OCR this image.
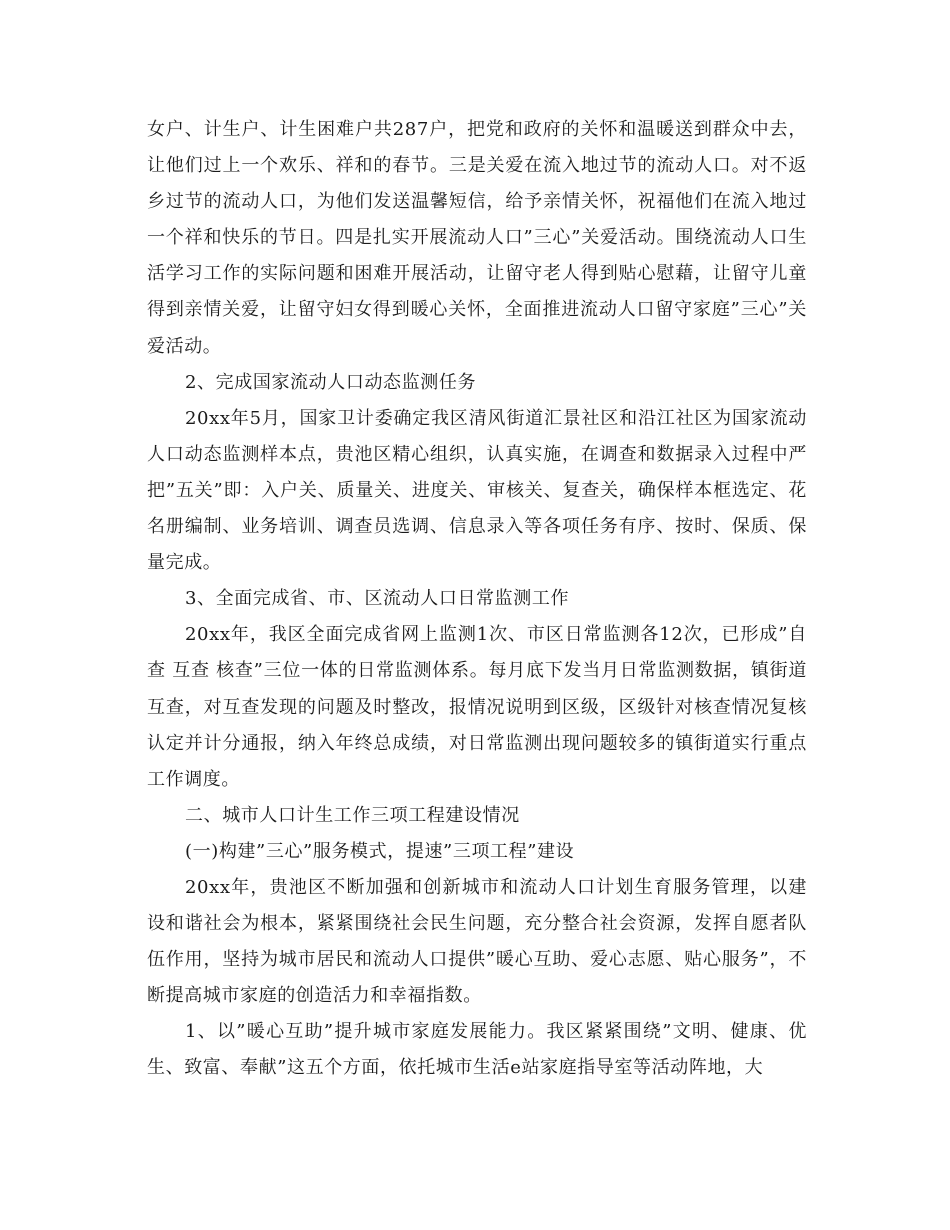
女户、计生户、计生困难户共287户，把党和政府的关怀和温暖送到群众中去，让他们过上一个欢乐、祥和的春节。三是关爱在流入地过节的流动人口。对不返乡过节的流动人口，为他们发送温馨短信，给予亲情关怀，祝福他们在流入地过一个祥和快乐的节日。四是扎实开展流动人口”三心”关爱活动。围绕流动人口生活学习工作的实际问题和困难开展活动，让留守老人得到贴心慰藉，让留守儿童得到亲情关爱，让留守妇女得到暖心关怀，全面推进流动人口留守家庭”三心”关爱活动。

2、完成国家流动人口动态监测任务

20xx年5月，国家卫计委确定我区清风街道汇景社区和沿江社区为国家流动人口动态监测样本点，贵池区精心组织，认真实施，在调查和数据录入过程中严把”五关”即：入户关、质量关、进度关、审核关、复查关，确保样本框选定、花名册编制、业务培训、调查员选调、信息录入等各项任务有序、按时、保质、保量完成。

3、全面完成省、市、区流动人口日常监测工作

20xx年，我区全面完成省网上监测1次、市区日常监测各12次，已形成”自查 互查 核查”三位一体的日常监测体系。每月底下发当月日常监测数据，镇街道互查，对互查发现的问题及时整改，报情况说明到区级，区级针对核查情况复核认定并计分通报，纳入年终总成绩，对日常监测出现问题较多的镇街道实行重点工作调度。

二、城市人口计生工作三项工程建设情况

(一)构建”三心”服务模式，提速”三项工程”建设

20xx年，贵池区不断加强和创新城市和流动人口计划生育服务管理，以建设和谐社会为根本，紧紧围绕社会民生问题，充分整合社会资源，发挥自愿者队伍作用，坚持为城市居民和流动人口提供”暖心互助、爱心志愿、贴心服务”，不断提高城市家庭的创造活力和幸福指数。

1、以”暖心互助”提升城市家庭发展能力。我区紧紧围绕”文明、健康、优生、致富、奉献”这五个方面，依托城市生活e站家庭指导室等活动阵地，大
